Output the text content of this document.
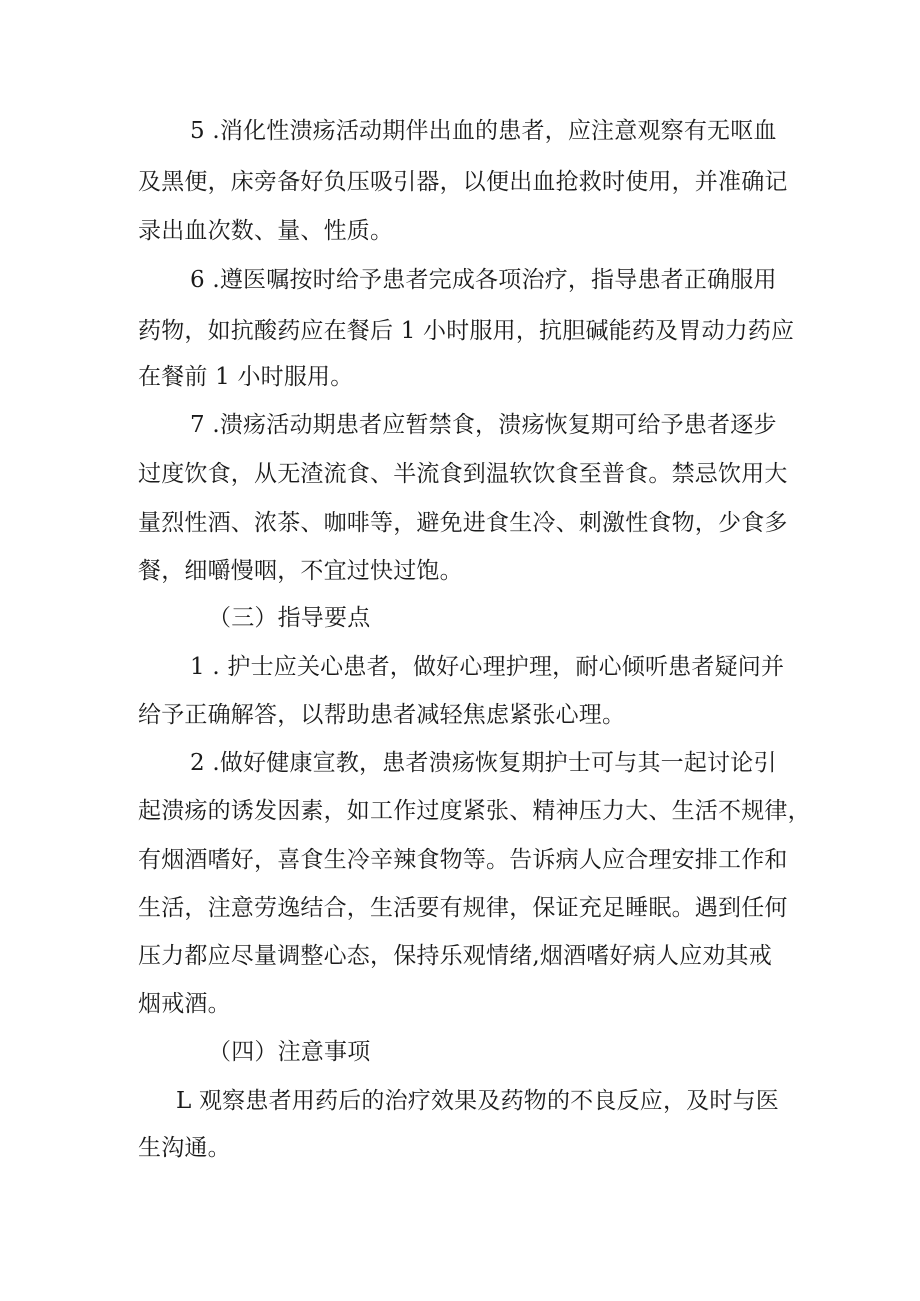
5 .消化性溃疡活动期伴出血的患者，应注意观察有无呕血
及黑便，床旁备好负压吸引器，以便出血抢救时使用，并准确记
录出血次数、量、性质。
6 .遵医嘱按时给予患者完成各项治疗，指导患者正确服用
药物，如抗酸药应在餐后 1 小时服用，抗胆碱能药及胃动力药应
在餐前 1 小时服用。
7 .溃疡活动期患者应暂禁食，溃疡恢复期可给予患者逐步
过度饮食，从无渣流食、半流食到温软饮食至普食。禁忌饮用大
量烈性酒、浓茶、咖啡等，避免进食生冷、刺激性食物，少食多
餐，细嚼慢咽，不宜过快过饱。
（三）指导要点
1 . 护士应关心患者，做好心理护理，耐心倾听患者疑问并
给予正确解答，以帮助患者减轻焦虑紧张心理。
2 .做好健康宣教，患者溃疡恢复期护士可与其一起讨论引
起溃疡的诱发因素，如工作过度紧张、精神压力大、生活不规律，
有烟酒嗜好，喜食生冷辛辣食物等。告诉病人应合理安排工作和
生活，注意劳逸结合，生活要有规律，保证充足睡眠。遇到任何
压力都应尽量调整心态，保持乐观情绪,烟酒嗜好病人应劝其戒
烟戒酒。
（四）注意事项
L 观察患者用药后的治疗效果及药物的不良反应，及时与医
生沟通。
